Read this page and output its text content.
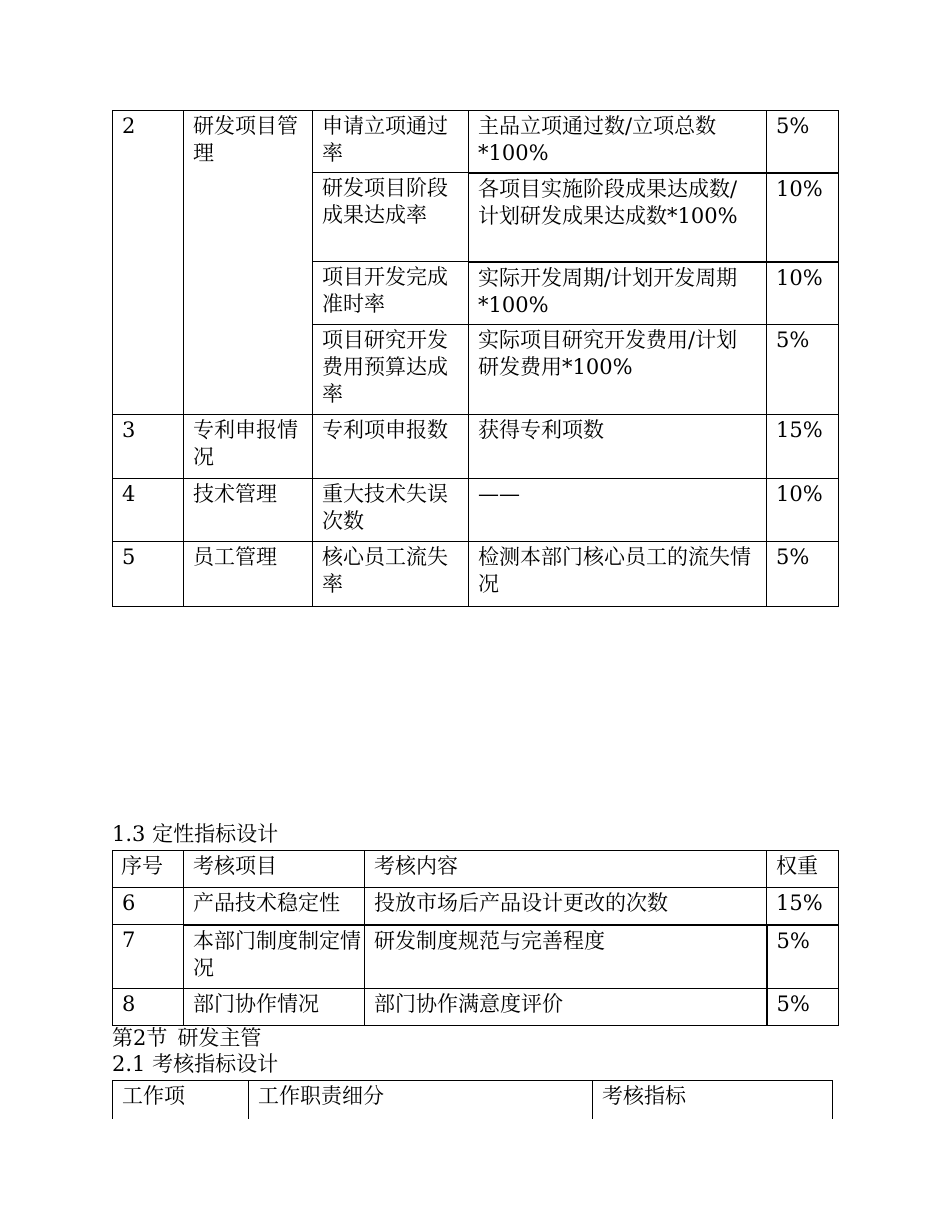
2	研发项目管理	申请立项通过率	主品立项通过数/立项总数*100%	5%

		研发项目阶段成果达成率	各项目实施阶段成果达成数/计划研发成果达成数*100%	10%

		项目开发完成准时率	实际开发周期/计划开发周期*100%	10%

		项目研究开发费用预算达成率	实际项目研究开发费用/计划研发费用*100%	5%

3	专利申报情况	专利项申报数	获得专利项数	15%

4	技术管理	重大技术失误次数	——	10%

5	员工管理	核心员工流失率	检测本部门核心员工的流失情况	5%
1.3 定性指标设计
序号	考核项目	考核内容	权重

6	产品技术稳定性	投放市场后产品设计更改的次数	15%

7	本部门制度制定情况	研发制度规范与完善程度	5%

8	部门协作情况	部门协作满意度评价	5%
第2节 研发主管
2.1 考核指标设计
工作项	工作职责细分	考核指标
